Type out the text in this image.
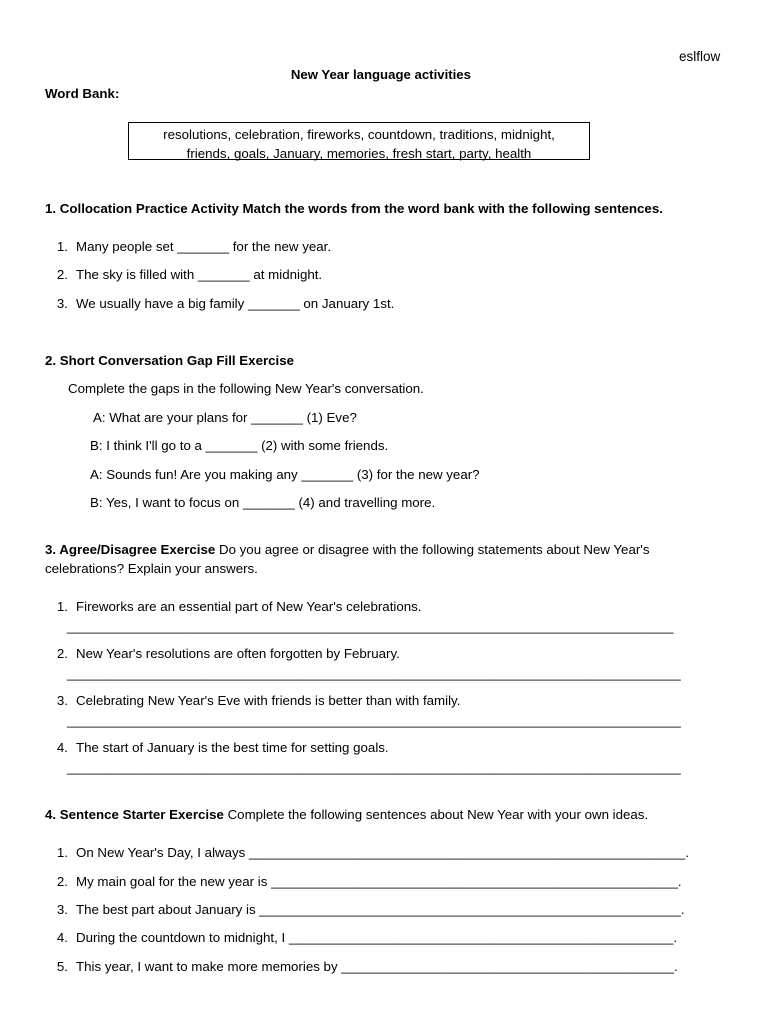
eslflow
New Year language activities
Word Bank:
resolutions, celebration, fireworks, countdown, traditions, midnight,
friends, goals, January, memories, fresh start, party, health
1. Collocation Practice Activity Match the words from the word bank with the following sentences.
1. Many people set _______ for the new year.
2. The sky is filled with _______ at midnight.
3. We usually have a big family _______ on January 1st.
2. Short Conversation Gap Fill Exercise
Complete the gaps in the following New Year's conversation.
A: What are your plans for _______ (1) Eve?
B: I think I'll go to a _______ (2) with some friends.
A: Sounds fun! Are you making any _______ (3) for the new year?
B: Yes, I want to focus on _______ (4) and travelling more.
3. Agree/Disagree Exercise Do you agree or disagree with the following statements about New Year's
celebrations? Explain your answers.
1. Fireworks are an essential part of New Year's celebrations.
__________________________________________________________________________________
2. New Year's resolutions are often forgotten by February.
___________________________________________________________________________________
3. Celebrating New Year's Eve with friends is better than with family.
___________________________________________________________________________________
4. The start of January is the best time for setting goals.
___________________________________________________________________________________
4. Sentence Starter Exercise Complete the following sentences about New Year with your own ideas.
1. On New Year's Day, I always ___________________________________________________________.
2. My main goal for the new year is _______________________________________________________.
3. The best part about January is _________________________________________________________.
4. During the countdown to midnight, I ____________________________________________________.
5. This year, I want to make more memories by _____________________________________________.
